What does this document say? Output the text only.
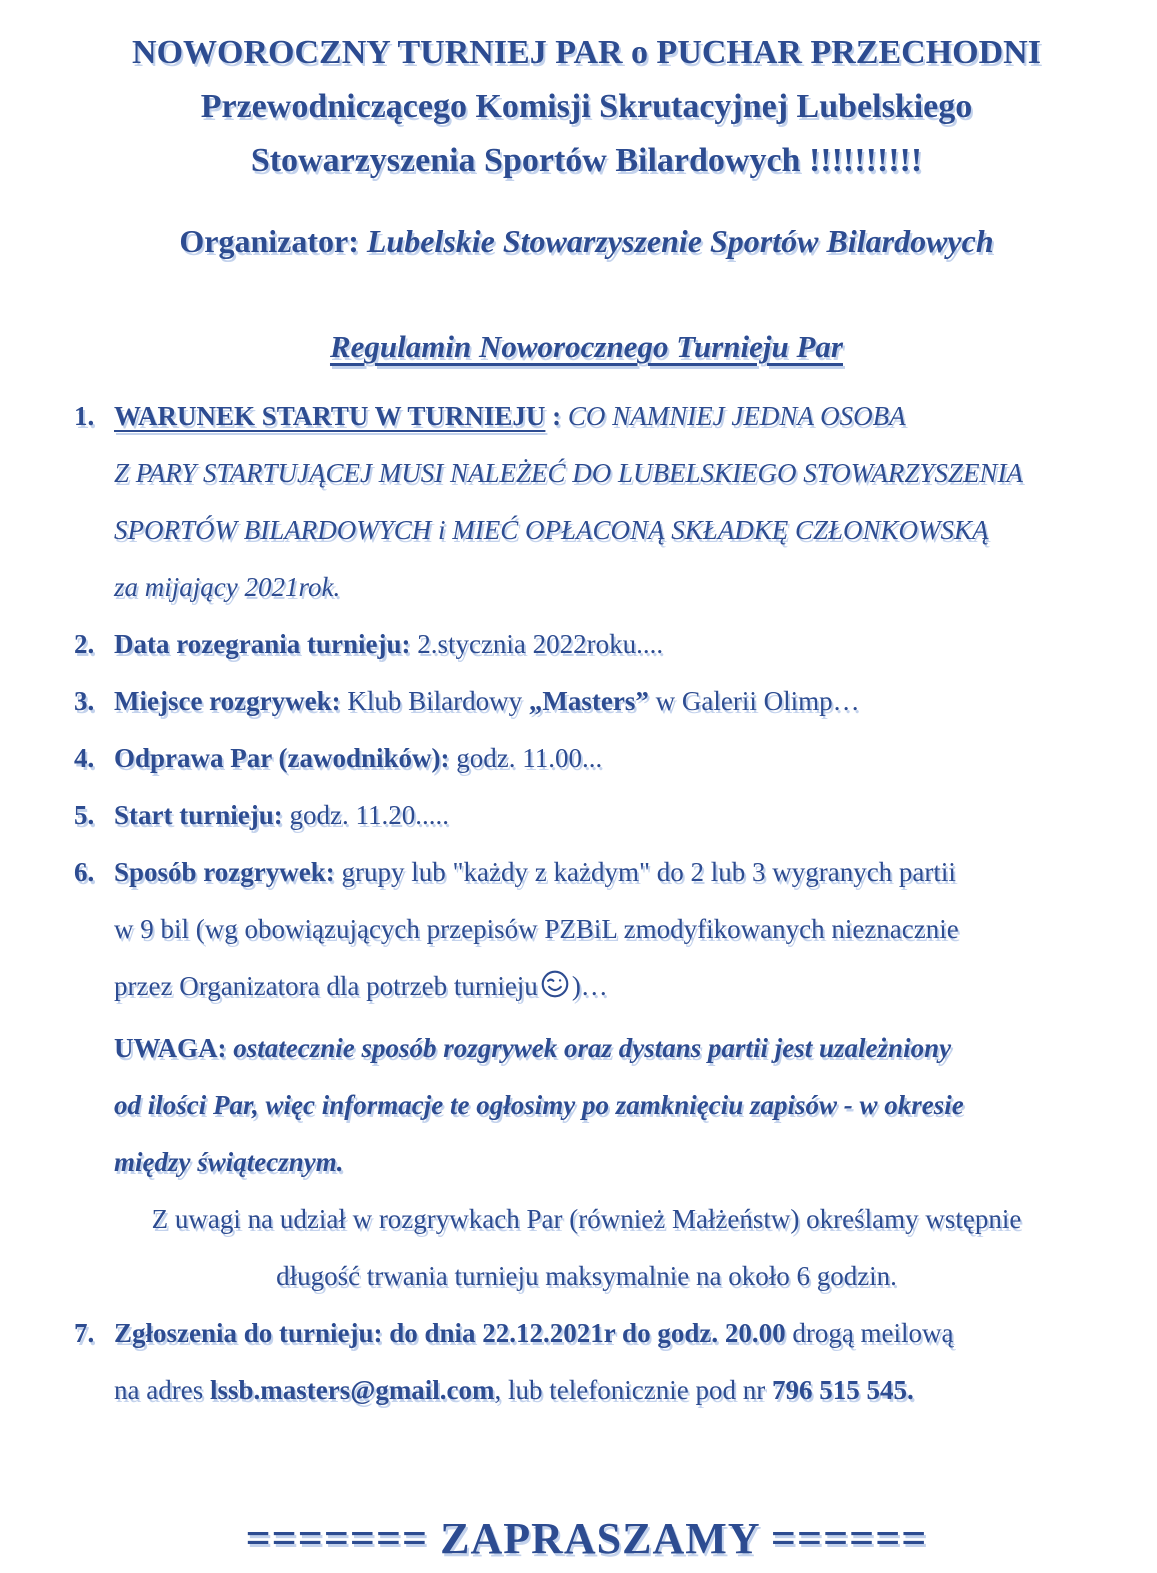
NOWOROCZNY TURNIEJ PAR o PUCHAR PRZECHODNI
Przewodniczącego Komisji Skrutacyjnej Lubelskiego
Stowarzyszenia Sportów Bilardowych !!!!!!!!!!
Organizator: Lubelskie Stowarzyszenie Sportów Bilardowych
Regulamin Noworocznego Turnieju Par
1. WARUNEK STARTU W TURNIEJU : CO NAMNIEJ JEDNA OSOBA
Z PARY STARTUJĄCEJ MUSI NALEŻEĆ DO LUBELSKIEGO STOWARZYSZENIA
SPORTÓW BILARDOWYCH i MIEĆ OPŁACONĄ SKŁADKĘ CZŁONKOWSKĄ
za mijający 2021rok.
2. Data rozegrania turnieju: 2.stycznia 2022roku....
3. Miejsce rozgrywek: Klub Bilardowy „Masters” w Galerii Olimp…
4. Odprawa Par (zawodników): godz. 11.00...
5. Start turnieju: godz. 11.20.....
6. Sposób rozgrywek: grupy lub "każdy z każdym" do 2 lub 3 wygranych partii
w 9 bil (wg obowiązujących przepisów PZBiL zmodyfikowanych nieznacznie
przez Organizatora dla potrzeb turnieju )…
UWAGA: ostatecznie sposób rozgrywek oraz dystans partii jest uzależniony
od ilości Par, więc informacje te ogłosimy po zamknięciu zapisów - w okresie
między świątecznym.
Z uwagi na udział w rozgrywkach Par (również Małżeństw) określamy wstępnie
długość trwania turnieju maksymalnie na około 6 godzin.
7. Zgłoszenia do turnieju: do dnia 22.12.2021r do godz. 20.00 drogą meilową
na adres lssb.masters@gmail.com, lub telefonicznie pod nr 796 515 545.
======= ZAPRASZAMY ======
